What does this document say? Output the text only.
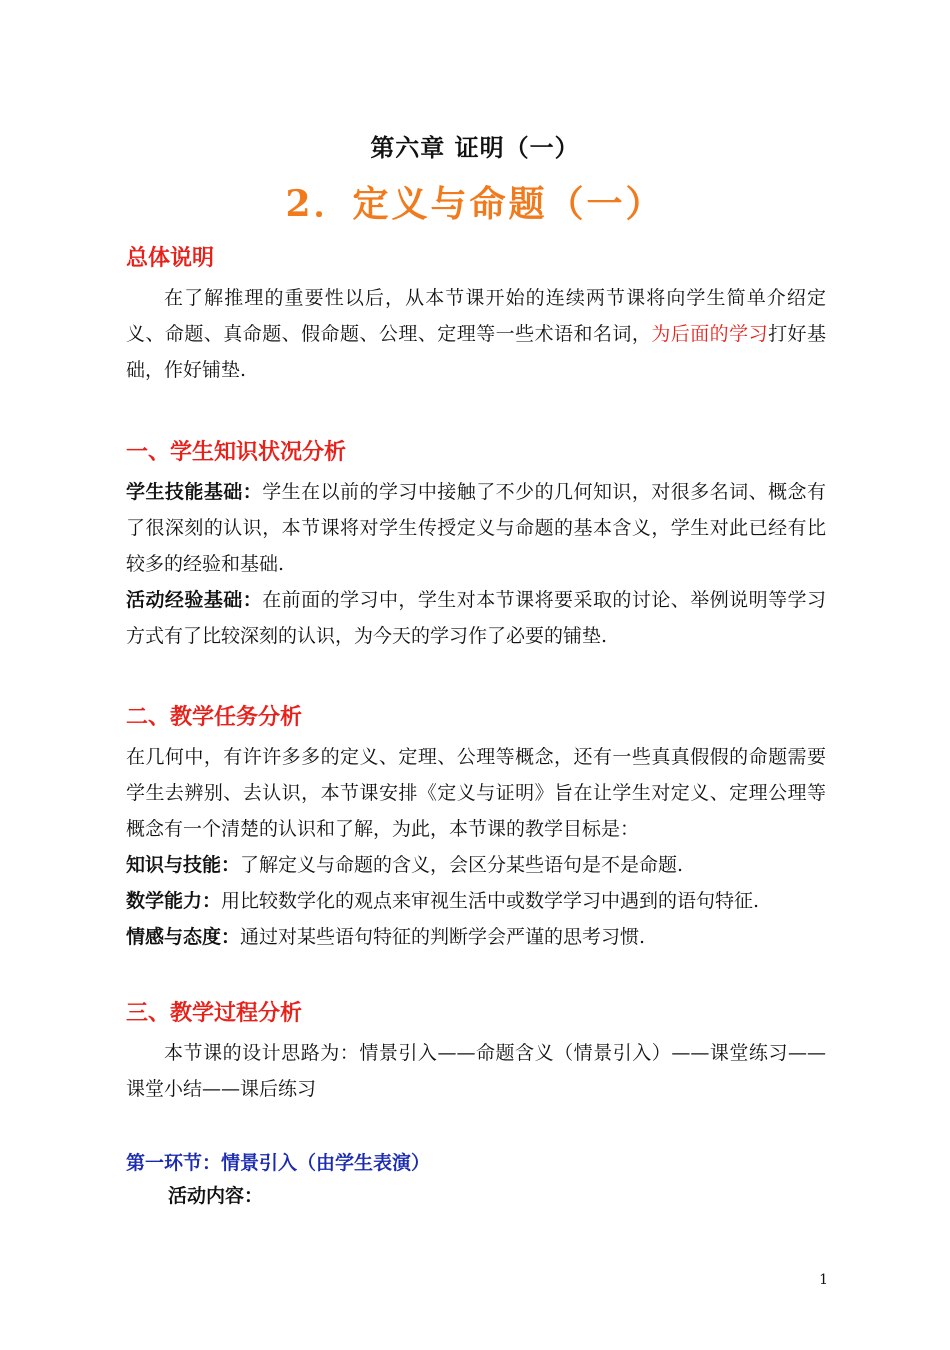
第六章 证明（一）
2．定义与命题（一）
总体说明

在了解推理的重要性以后，从本节课开始的连续两节课将向学生简单介绍定义、命题、真命题、假命题、公理、定理等一些术语和名词，为后面的学习打好基础，作好铺垫.

一、学生知识状况分析

学生技能基础：学生在以前的学习中接触了不少的几何知识，对很多名词、概念有了很深刻的认识，本节课将对学生传授定义与命题的基本含义，学生对此已经有比较多的经验和基础.

活动经验基础：在前面的学习中，学生对本节课将要采取的讨论、举例说明等学习方式有了比较深刻的认识，为今天的学习作了必要的铺垫.

二、教学任务分析

在几何中，有许许多多的定义、定理、公理等概念，还有一些真真假假的命题需要学生去辨别、去认识，本节课安排《定义与证明》旨在让学生对定义、定理公理等概念有一个清楚的认识和了解，为此，本节课的教学目标是：

知识与技能：了解定义与命题的含义，会区分某些语句是不是命题.

数学能力：用比较数学化的观点来审视生活中或数学学习中遇到的语句特征.

情感与态度：通过对某些语句特征的判断学会严谨的思考习惯.

三、教学过程分析

本节课的设计思路为：情景引入——命题含义（情景引入）——课堂练习——课堂小结——课后练习

第一环节：情景引入（由学生表演）
活动内容：
1
